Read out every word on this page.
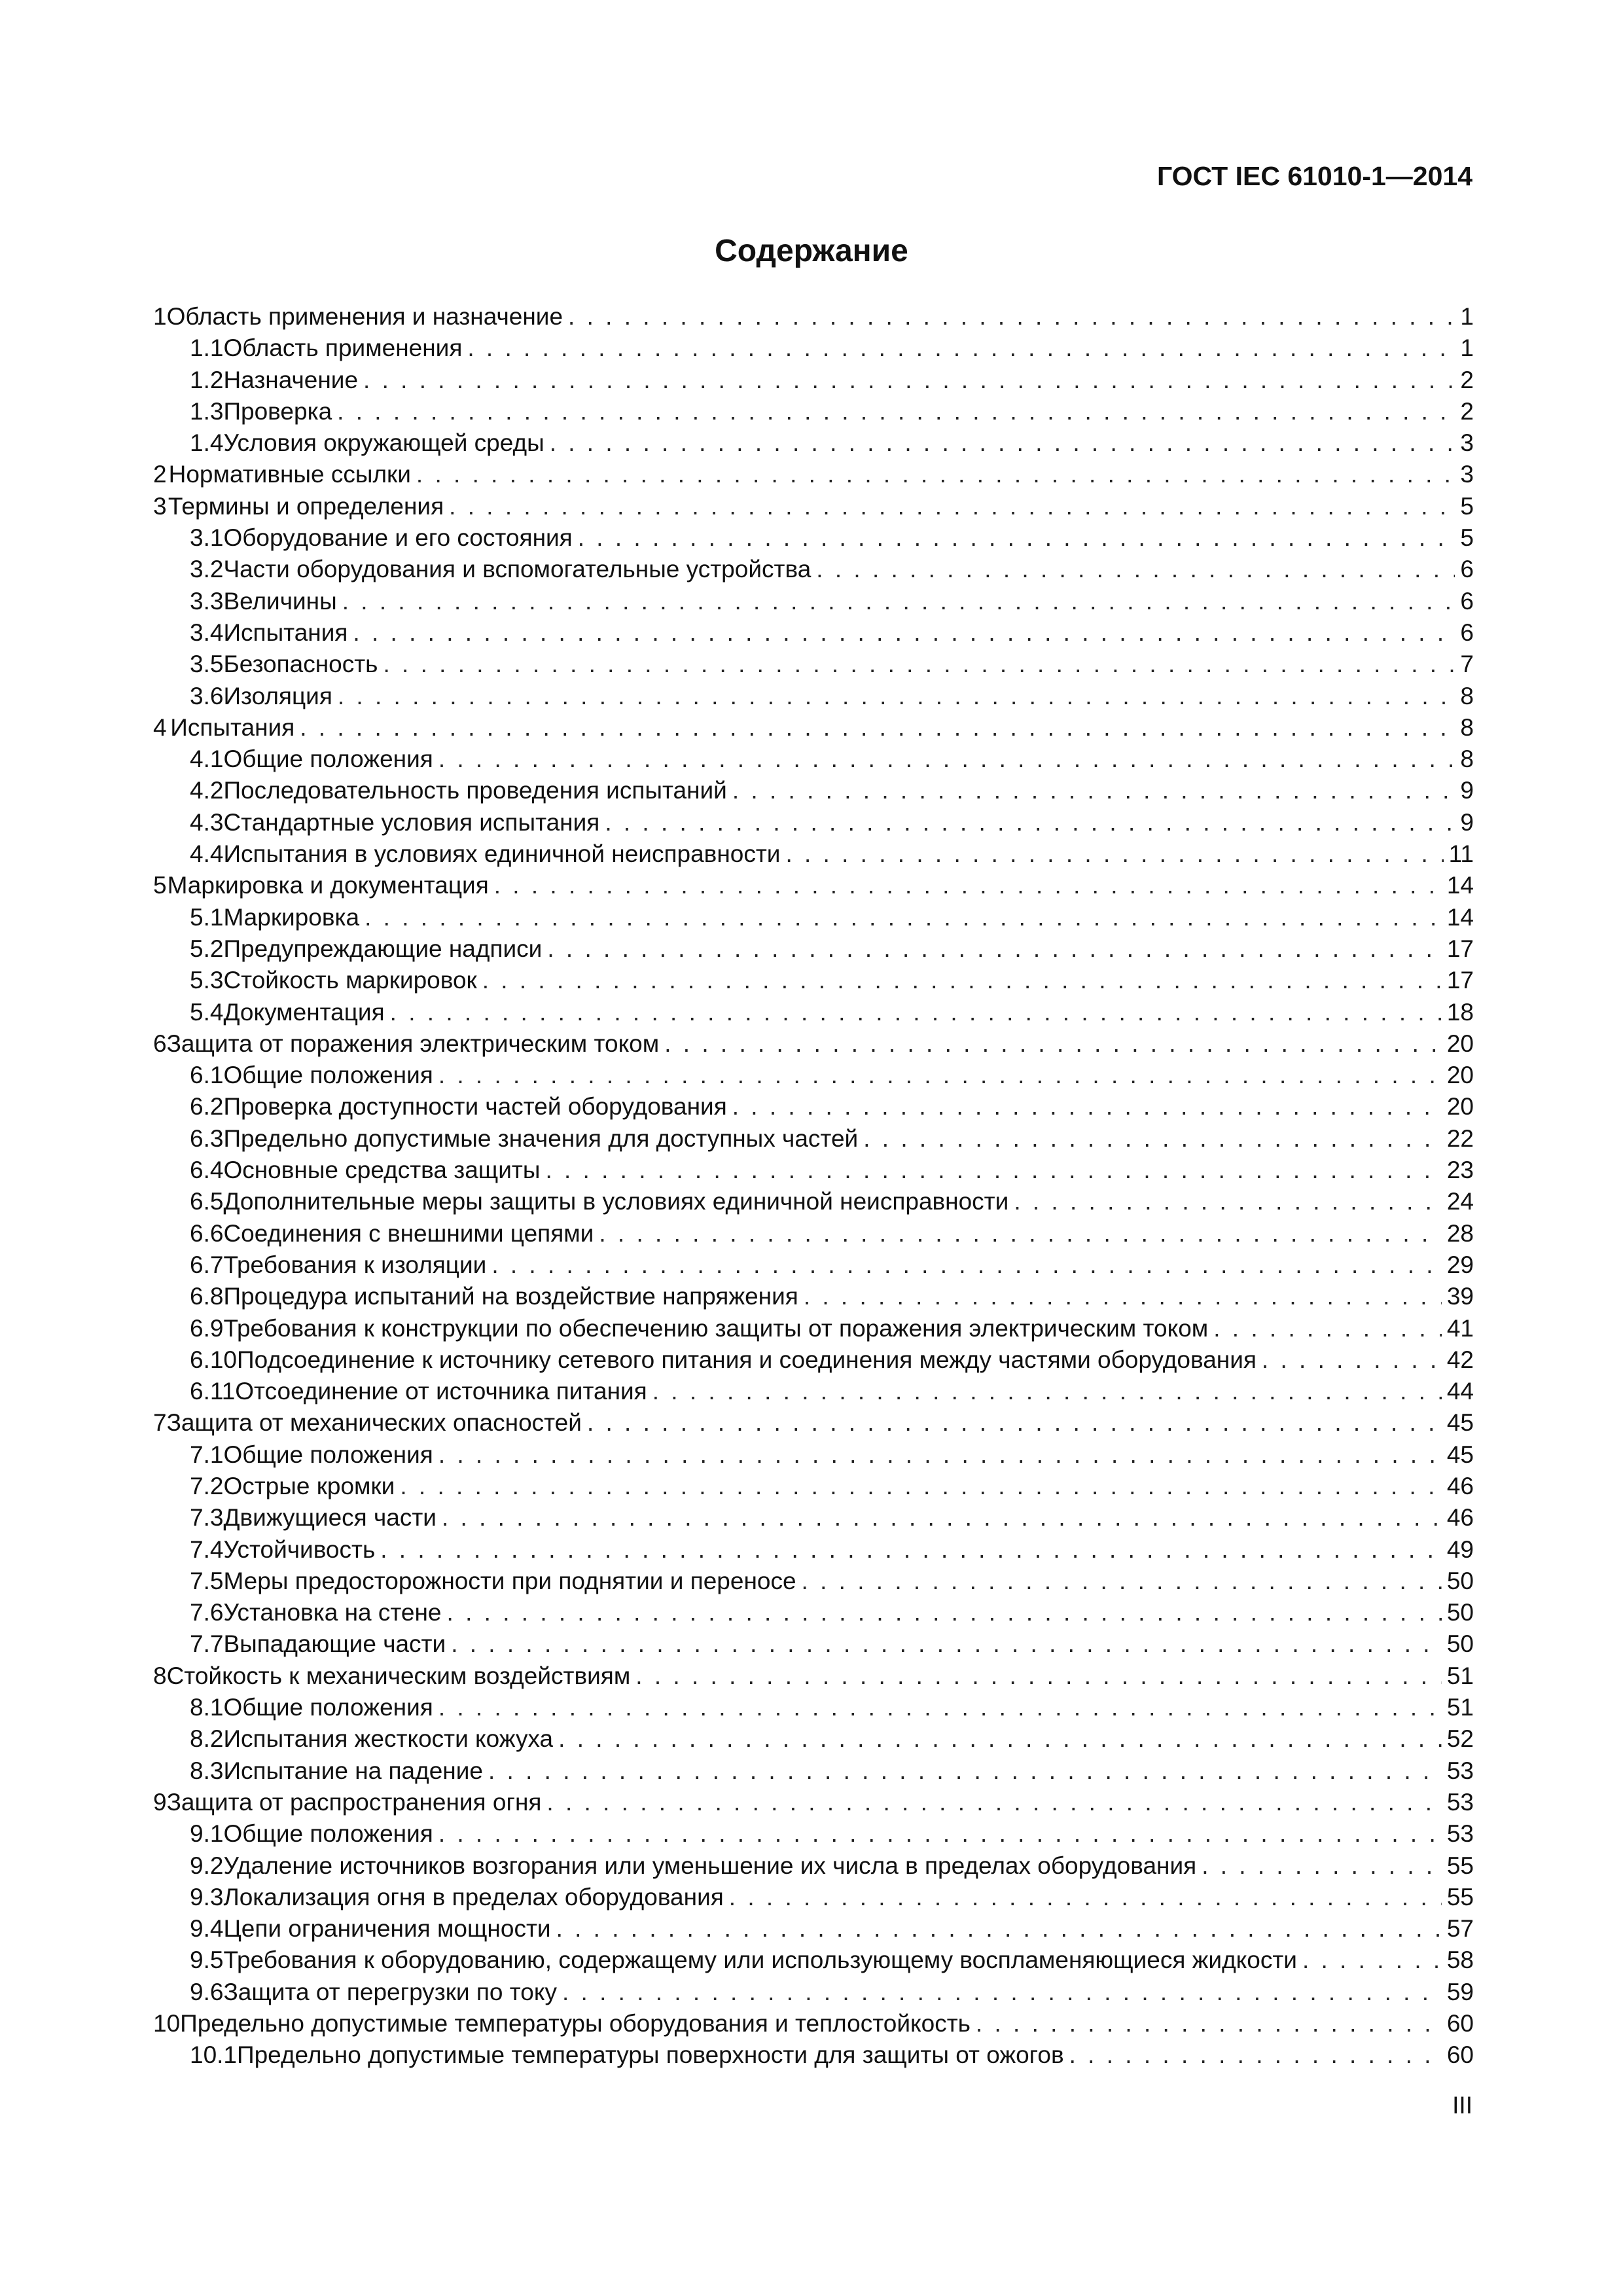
ГОСТ IEC 61010-1—2014
Содержание
1 Область применения и назначение . . .	1
1.1 Область применения . . .	1
1.2 Назначение . . .	2
1.3 Проверка . . .	2
1.4 Условия окружающей среды . . .	3
2 Нормативные ссылки . . .	3
3 Термины и определения . . .	5
3.1 Оборудование и его состояния . . .	5
3.2 Части оборудования и вспомогательные устройства . . .	6
3.3 Величины . . .	6
3.4 Испытания . . .	6
3.5 Безопасность . . .	7
3.6 Изоляция . . .	8
4 Испытания . . .	8
4.1 Общие положения . . .	8
4.2 Последовательность проведения испытаний . . .	9
4.3 Стандартные условия испытания . . .	9
4.4 Испытания в условиях единичной неисправности . . .	11
5 Маркировка и документация . . .	14
5.1 Маркировка . . .	14
5.2 Предупреждающие надписи . . .	17
5.3 Стойкость маркировок . . .	17
5.4 Документация . . .	18
6 Защита от поражения электрическим током . . .	20
6.1 Общие положения . . .	20
6.2 Проверка доступности частей оборудования . . .	20
6.3 Предельно допустимые значения для доступных частей . . .	22
6.4 Основные средства защиты . . .	23
6.5 Дополнительные меры защиты в условиях единичной неисправности . . .	24
6.6 Соединения с внешними цепями . . .	28
6.7 Требования к изоляции . . .	29
6.8 Процедура испытаний на воздействие напряжения . . .	39
6.9 Требования к конструкции по обеспечению защиты от поражения электрическим током . . .	41
6.10 Подсоединение к источнику сетевого питания и соединения между частями оборудования . . .	42
6.11 Отсоединение от источника питания . . .	44
7 Защита от механических опасностей . . .	45
7.1 Общие положения . . .	45
7.2 Острые кромки . . .	46
7.3 Движущиеся части . . .	46
7.4 Устойчивость . . .	49
7.5 Меры предосторожности при поднятии и переносе . . .	50
7.6 Установка на стене . . .	50
7.7 Выпадающие части . . .	50
8 Стойкость к механическим воздействиям . . .	51
8.1 Общие положения . . .	51
8.2 Испытания жесткости кожуха . . .	52
8.3 Испытание на падение . . .	53
9 Защита от распространения огня . . .	53
9.1 Общие положения . . .	53
9.2 Удаление источников возгорания или уменьшение их числа в пределах оборудования . . .	55
9.3 Локализация огня в пределах оборудования . . .	55
9.4 Цепи ограничения мощности . . .	57
9.5 Требования к оборудованию, содержащему или использующему воспламеняющиеся жидкости . . .	58
9.6 Защита от перегрузки по току . . .	59
10 Предельно допустимые температуры оборудования и теплостойкость . . .	60
10.1 Предельно допустимые температуры поверхности для защиты от ожогов . . .	60
III
